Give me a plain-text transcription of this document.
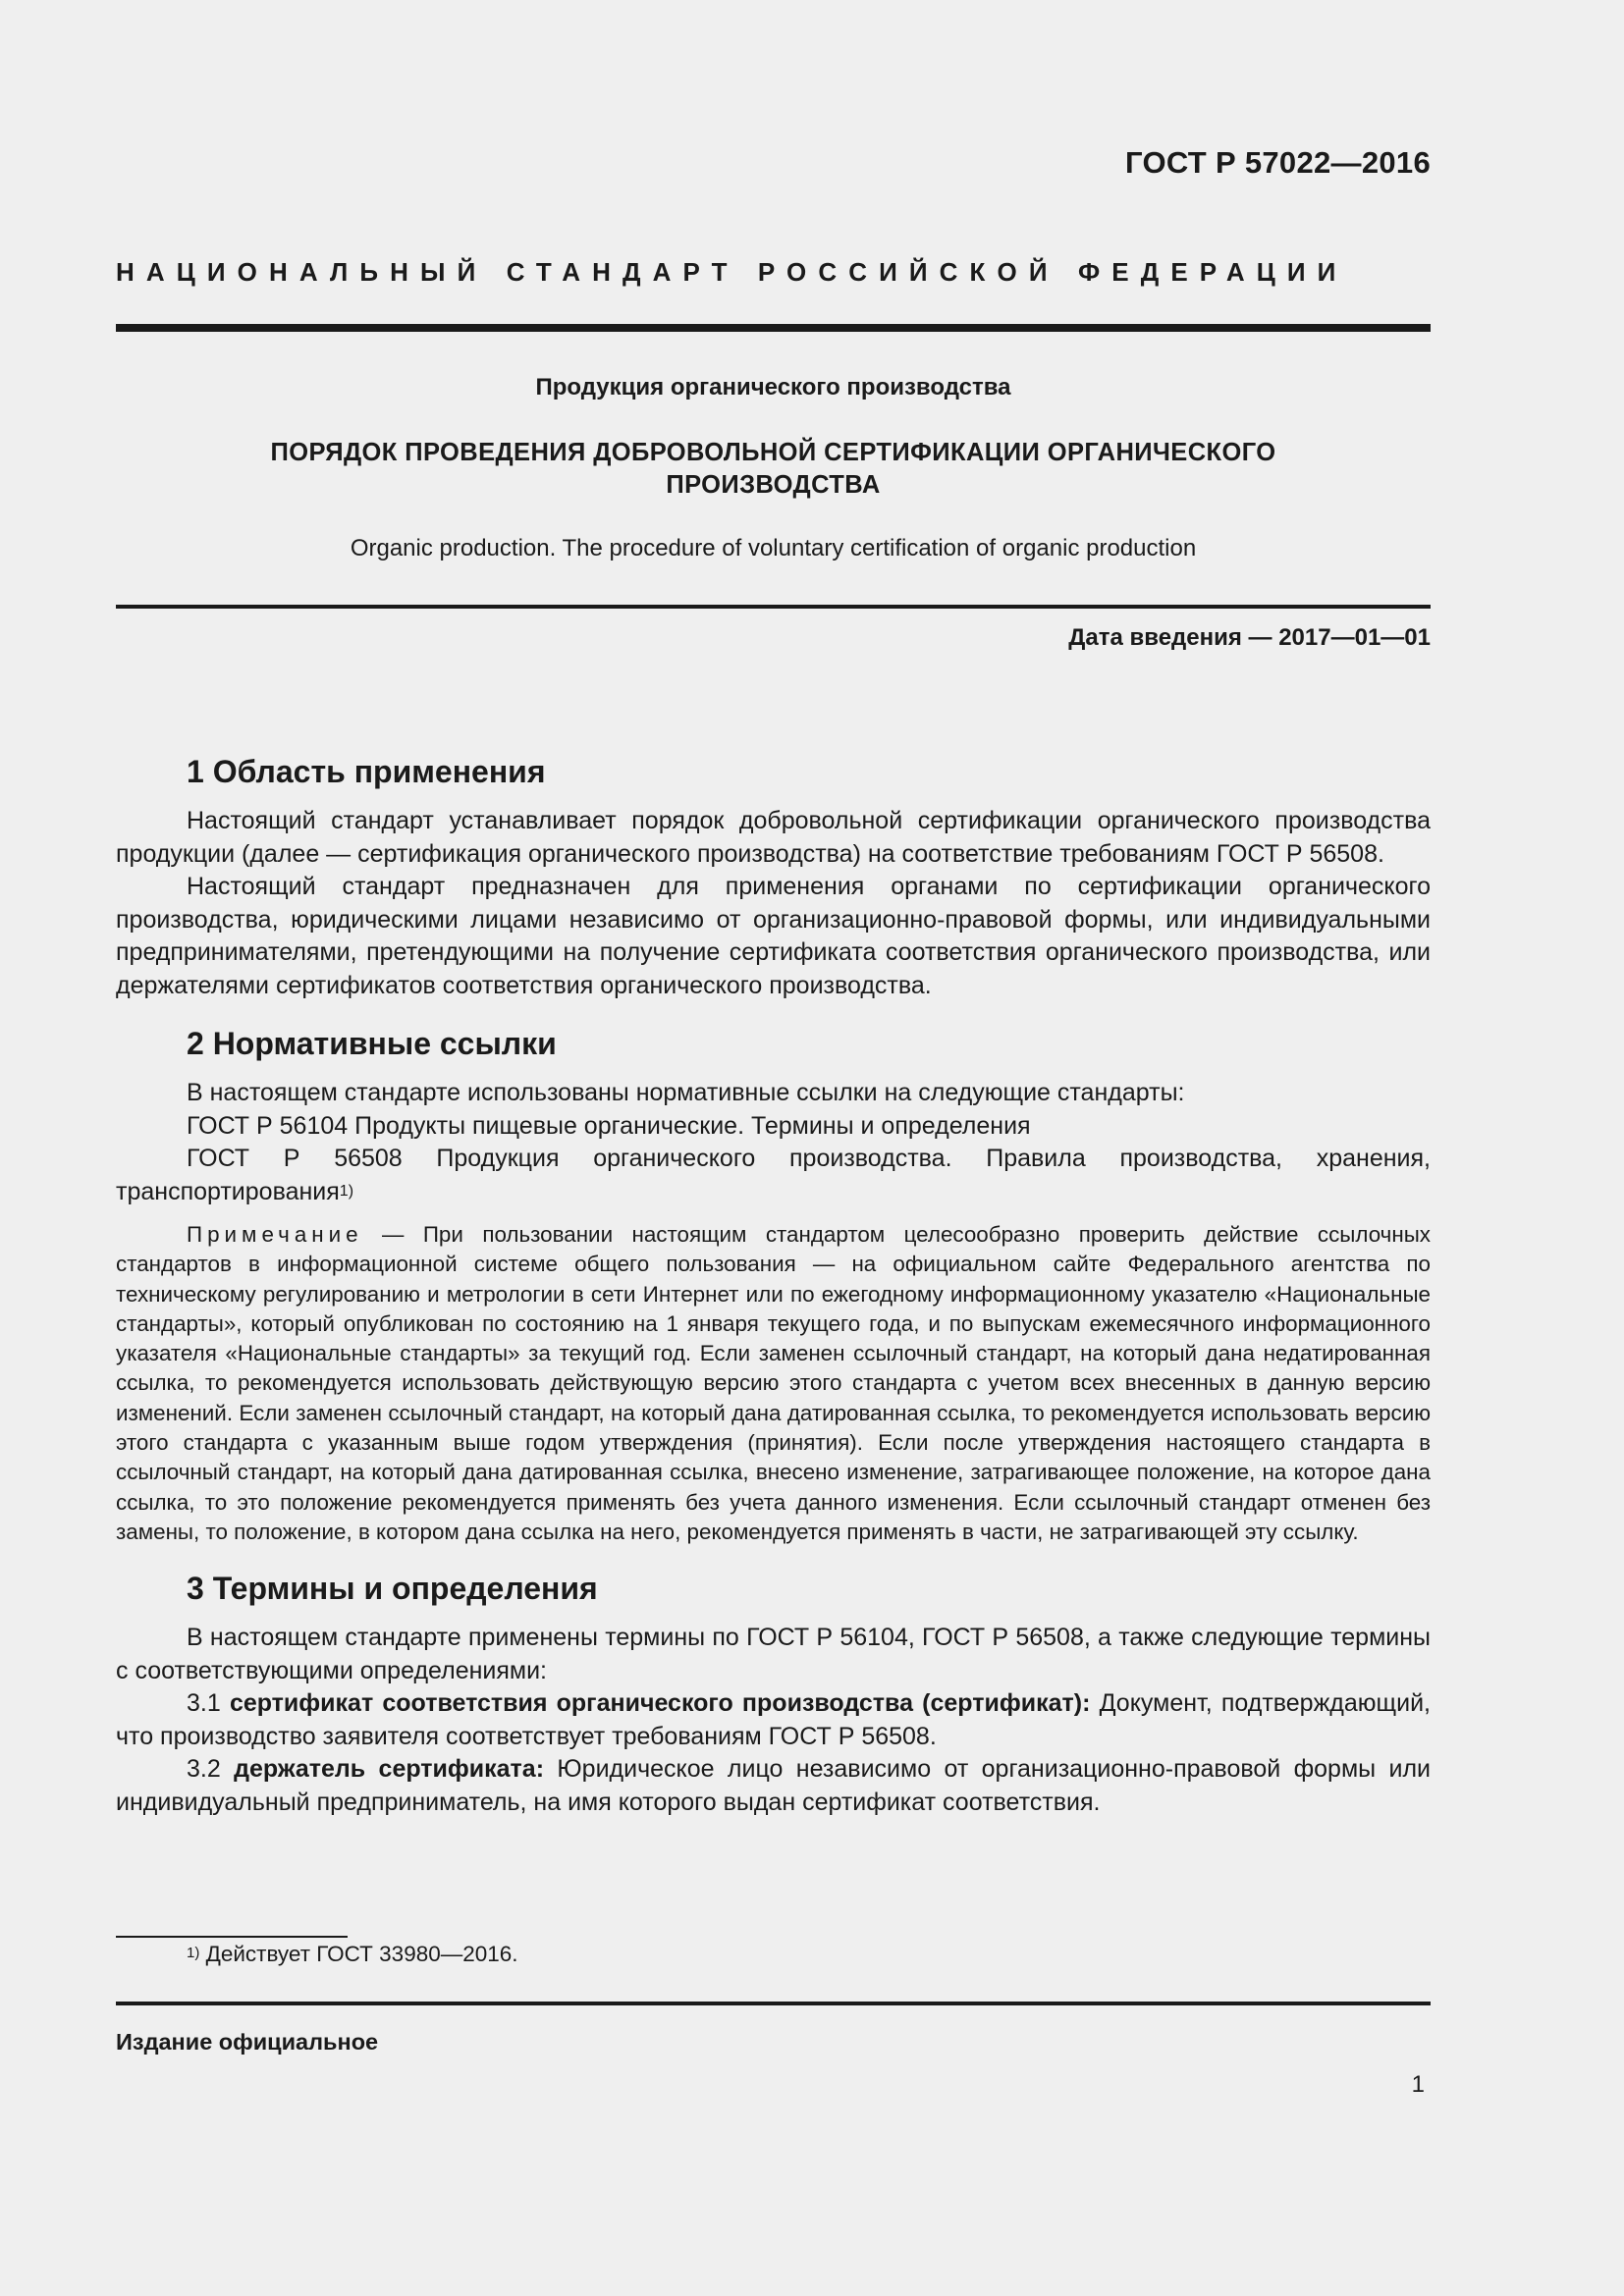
ГОСТ Р 57022—2016
НАЦИОНАЛЬНЫЙ СТАНДАРТ РОССИЙСКОЙ ФЕДЕРАЦИИ
Продукция органического производства
ПОРЯДОК ПРОВЕДЕНИЯ ДОБРОВОЛЬНОЙ СЕРТИФИКАЦИИ ОРГАНИЧЕСКОГО
ПРОИЗВОДСТВА
Organic production. The procedure of voluntary certification of organic production
Дата введения — 2017—01—01
1 Область применения

Настоящий стандарт устанавливает порядок добровольной сертификации органического производства продукции (далее — сертификация органического производства) на соответствие требованиям ГОСТ Р 56508.

Настоящий стандарт предназначен для применения органами по сертификации органического производства, юридическими лицами независимо от организационно-правовой формы, или индивидуальными предпринимателями, претендующими на получение сертификата соответствия органического производства, или держателями сертификатов соответствия органического производства.

2 Нормативные ссылки

В настоящем стандарте использованы нормативные ссылки на следующие стандарты:

ГОСТ Р 56104 Продукты пищевые органические. Термины и определения

ГОСТ Р 56508 Продукция органического производства. Правила производства, хранения, транспортирования$^{1)}$

Примечание — При пользовании настоящим стандартом целесообразно проверить действие ссылочных стандартов в информационной системе общего пользования — на официальном сайте Федерального агентства по техническому регулированию и метрологии в сети Интернет или по ежегодному информационному указателю «Национальные стандарты», который опубликован по состоянию на 1 января текущего года, и по выпускам ежемесячного информационного указателя «Национальные стандарты» за текущий год. Если заменен ссылочный стандарт, на который дана недатированная ссылка, то рекомендуется использовать действующую версию этого стандарта с учетом всех внесенных в данную версию изменений. Если заменен ссылочный стандарт, на который дана датированная ссылка, то рекомендуется использовать версию этого стандарта с указанным выше годом утверждения (принятия). Если после утверждения настоящего стандарта в ссылочный стандарт, на который дана датированная ссылка, внесено изменение, затрагивающее положение, на которое дана ссылка, то это положение рекомендуется применять без учета данного изменения. Если ссылочный стандарт отменен без замены, то положение, в котором дана ссылка на него, рекомендуется применять в части, не затрагивающей эту ссылку.
3 Термины и определения

В настоящем стандарте применены термины по ГОСТ Р 56104, ГОСТ Р 56508, а также следующие термины с соответствующими определениями:

3.1 сертификат соответствия органического производства (сертификат): Документ, подтверждающий, что производство заявителя соответствует требованиям ГОСТ Р 56508.

3.2 держатель сертификата: Юридическое лицо независимо от организационно-правовой формы или индивидуальный предприниматель, на имя которого выдан сертификат соответствия.

$^{1)}$ Действует ГОСТ 33980—2016.
Издание официальное
1
